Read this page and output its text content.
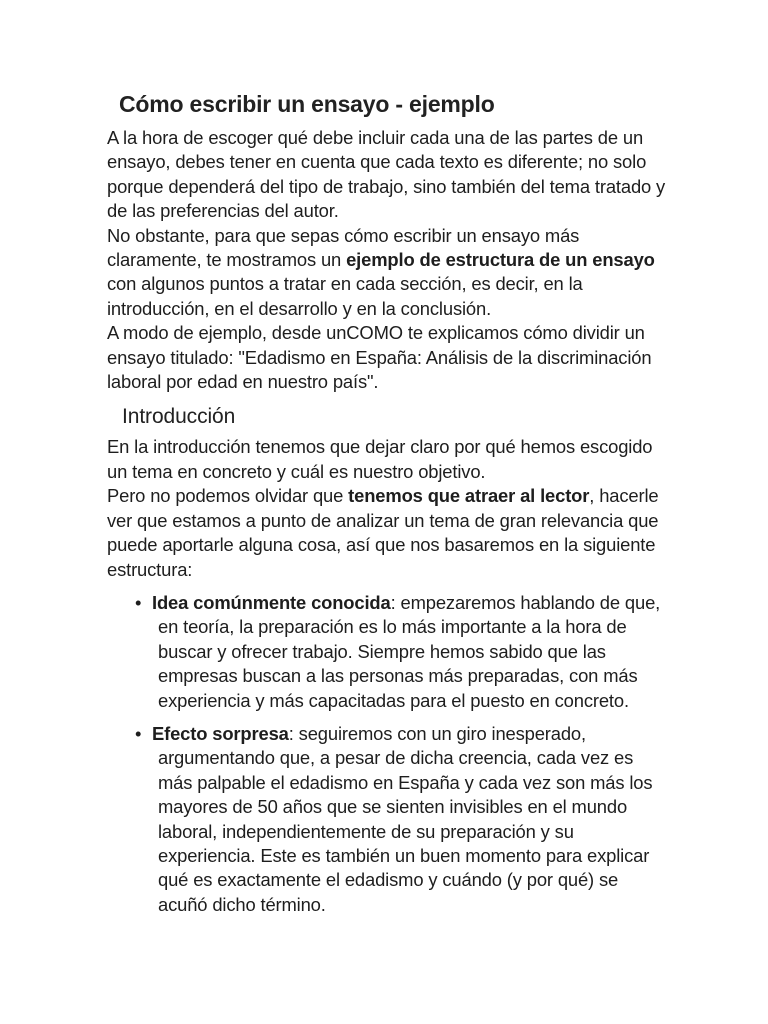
Cómo escribir un ensayo - ejemplo

A la hora de escoger qué debe incluir cada una de las partes de un ensayo, debes tener en cuenta que cada texto es diferente; no solo porque dependerá del tipo de trabajo, sino también del tema tratado y de las preferencias del autor.

No obstante, para que sepas cómo escribir un ensayo más claramente, te mostramos un ejemplo de estructura de un ensayo con algunos puntos a tratar en cada sección, es decir, en la introducción, en el desarrollo y en la conclusión.

A modo de ejemplo, desde unCOMO te explicamos cómo dividir un ensayo titulado: "Edadismo en España: Análisis de la discriminación laboral por edad en nuestro país".

Introducción

En la introducción tenemos que dejar claro por qué hemos escogido un tema en concreto y cuál es nuestro objetivo.

Pero no podemos olvidar que tenemos que atraer al lector, hacerle ver que estamos a punto de analizar un tema de gran relevancia que puede aportarle alguna cosa, así que nos basaremos en la siguiente estructura:

• Idea comúnmente conocida: empezaremos hablando de que, en teoría, la preparación es lo más importante a la hora de buscar y ofrecer trabajo. Siempre hemos sabido que las empresas buscan a las personas más preparadas, con más experiencia y más capacitadas para el puesto en concreto.
• Efecto sorpresa: seguiremos con un giro inesperado, argumentando que, a pesar de dicha creencia, cada vez es más palpable el edadismo en España y cada vez son más los mayores de 50 años que se sienten invisibles en el mundo laboral, independientemente de su preparación y su experiencia. Este es también un buen momento para explicar qué es exactamente el edadismo y cuándo (y por qué) se acuñó dicho término.
